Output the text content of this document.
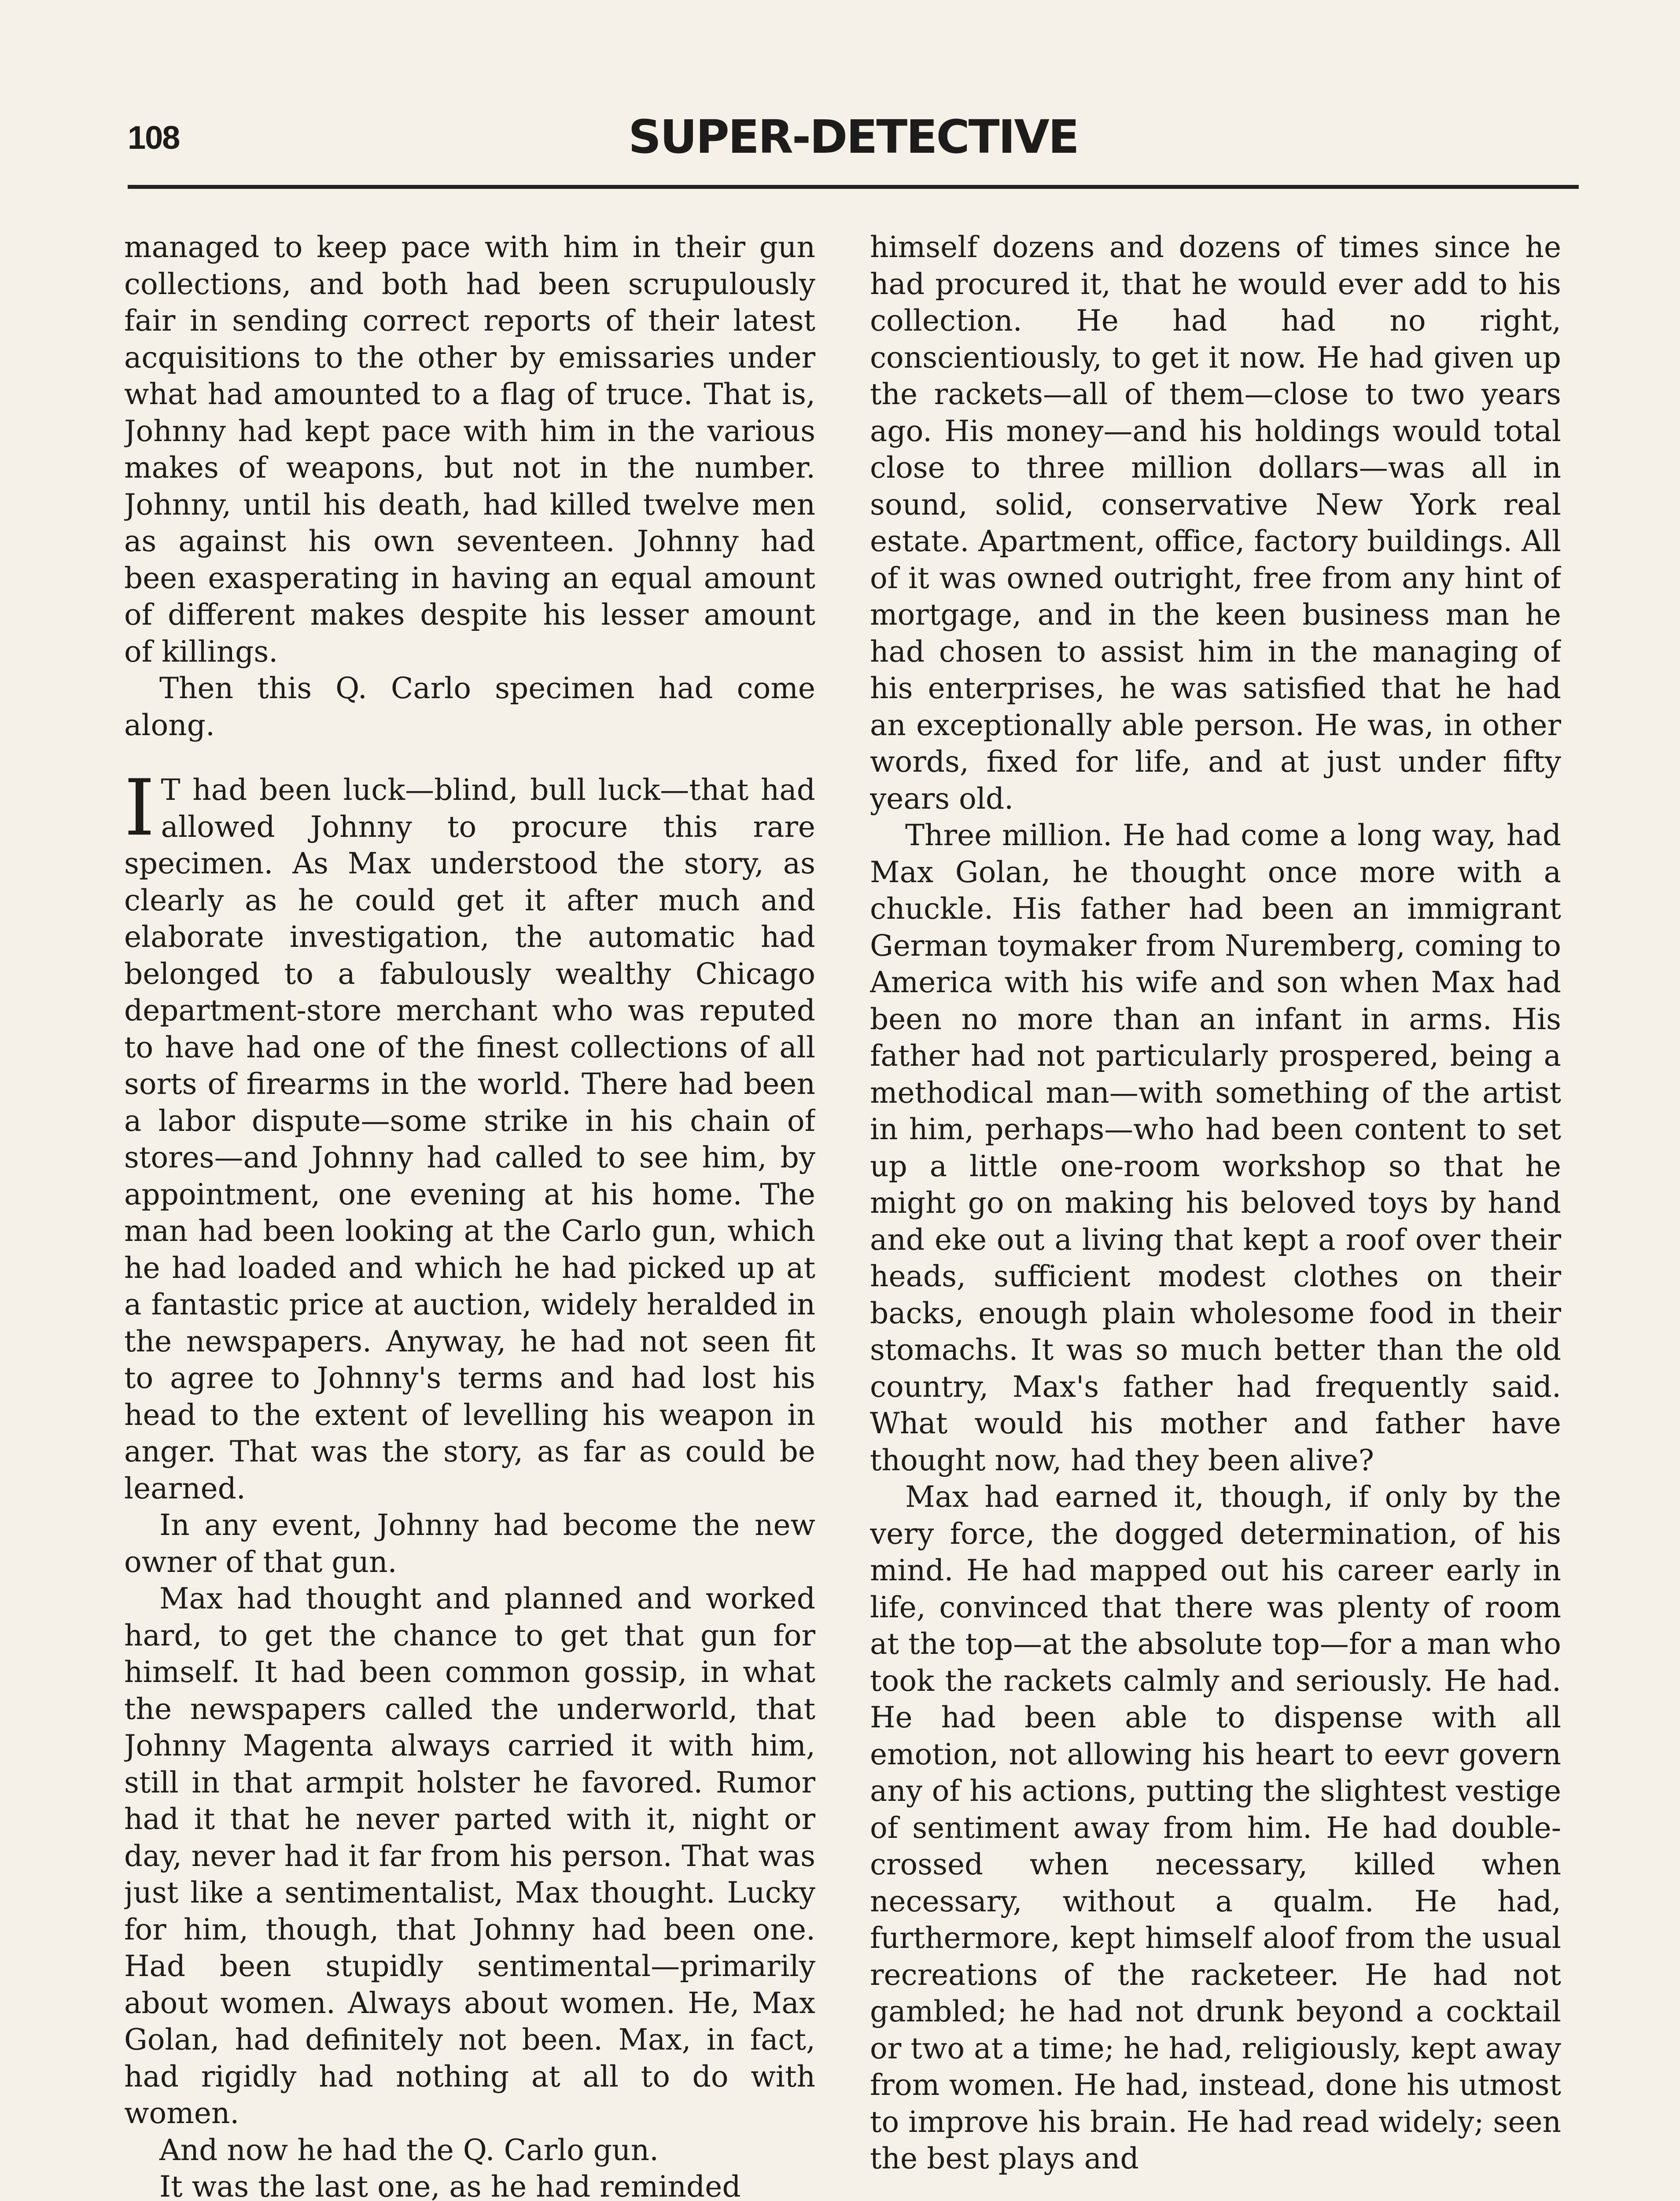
108	SUPER-DETECTIVE

managed to keep pace with him in their gun collections, and both had been scrupulously fair in sending correct reports of their latest acquisitions to the other by emissaries under what had amounted to a flag of truce. That is, Johnny had kept pace with him in the various makes of weapons, but not in the number. Johnny, until his death, had killed twelve men as against his own seventeen. Johnny had been exasperating in having an equal amount of different makes despite his lesser amount of killings.

Then this Q. Carlo specimen had come along.

IT had been luck—blind, bull luck—that had allowed Johnny to procure this rare specimen. As Max understood the story, as clearly as he could get it after much and elaborate investigation, the automatic had belonged to a fabulously wealthy Chicago department-store merchant who was reputed to have had one of the finest collections of all sorts of firearms in the world. There had been a labor dispute—some strike in his chain of stores—and Johnny had called to see him, by appointment, one evening at his home. The man had been looking at the Carlo gun, which he had loaded and which he had picked up at a fantastic price at auction, widely heralded in the newspapers. Anyway, he had not seen fit to agree to Johnny's terms and had lost his head to the extent of levelling his weapon in anger. That was the story, as far as could be learned.

In any event, Johnny had become the new owner of that gun.

Max had thought and planned and worked hard, to get the chance to get that gun for himself. It had been common gossip, in what the newspapers called the underworld, that Johnny Magenta always carried it with him, still in that armpit holster he favored. Rumor had it that he never parted with it, night or day, never had it far from his person. That was just like a sentimentalist, Max thought. Lucky for him, though, that Johnny had been one. Had been stupidly sentimental—primarily about women. Always about women. He, Max Golan, had definitely not been. Max, in fact, had rigidly had nothing at all to do with women.

And now he had the Q. Carlo gun.

It was the last one, as he had reminded

himself dozens and dozens of times since he had procured it, that he would ever add to his collection. He had had no right, conscientiously, to get it now. He had given up the rackets—all of them—close to two years ago. His money—and his holdings would total close to three million dollars—was all in sound, solid, conservative New York real estate. Apartment, office, factory buildings. All of it was owned outright, free from any hint of mortgage, and in the keen business man he had chosen to assist him in the managing of his enterprises, he was satisfied that he had an exceptionally able person. He was, in other words, fixed for life, and at just under fifty years old.

Three million. He had come a long way, had Max Golan, he thought once more with a chuckle. His father had been an immigrant German toymaker from Nuremberg, coming to America with his wife and son when Max had been no more than an infant in arms. His father had not particularly prospered, being a methodical man—with something of the artist in him, perhaps—who had been content to set up a little one-room workshop so that he might go on making his beloved toys by hand and eke out a living that kept a roof over their heads, sufficient modest clothes on their backs, enough plain wholesome food in their stomachs. It was so much better than the old country, Max's father had frequently said. What would his mother and father have thought now, had they been alive?

Max had earned it, though, if only by the very force, the dogged determination, of his mind. He had mapped out his career early in life, convinced that there was plenty of room at the top—at the absolute top—for a man who took the rackets calmly and seriously. He had. He had been able to dispense with all emotion, not allowing his heart to eevr govern any of his actions, putting the slightest vestige of sentiment away from him. He had double-crossed when necessary, killed when necessary, without a qualm. He had, furthermore, kept himself aloof from the usual recreations of the racketeer. He had not gambled; he had not drunk beyond a cocktail or two at a time; he had, religiously, kept away from women. He had, instead, done his utmost to improve his brain. He had read widely; seen the best plays and
